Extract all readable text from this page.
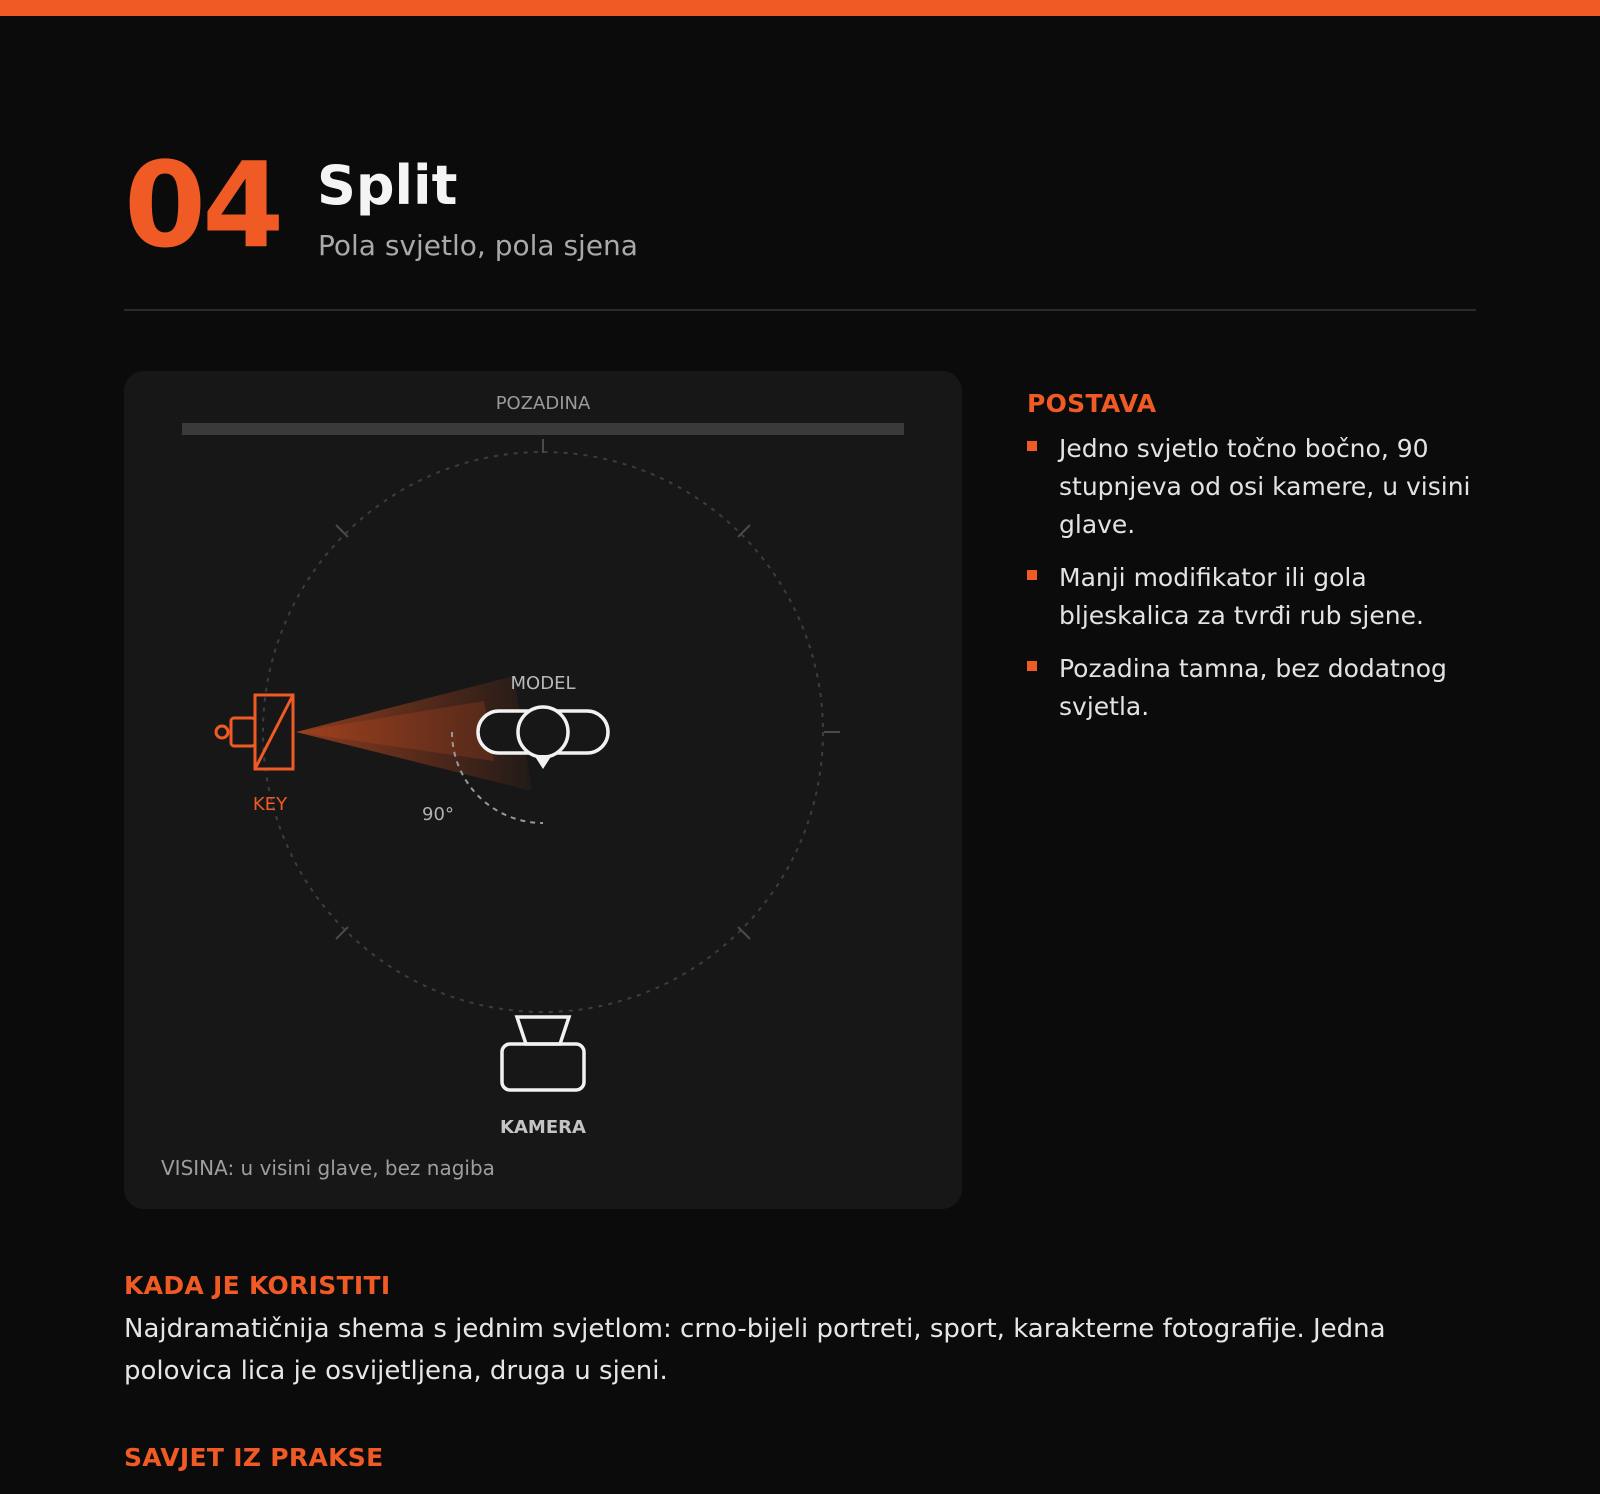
04 Split
Pola svjetlo, pola sjena
POZADINA
MODEL
KEY	90°
KAMERA
VISINA: u visini glave, bez nagiba
POSTAVA
Jedno svjetlo točno bočno, 90 stupnjeva od osi kamere, u visini glave.
Manji modifikator ili gola bljeskalica za tvrđi rub sjene.
Pozadina tamna, bez dodatnog svjetla.
KADA JE KORISTITI

Najdramatičnija shema s jednim svjetlom: crno-bijeli portreti, sport, karakterne fotografije. Jedna polovica lica je osvijetljena, druga u sjeni.

SAVJET IZ PRAKSE
